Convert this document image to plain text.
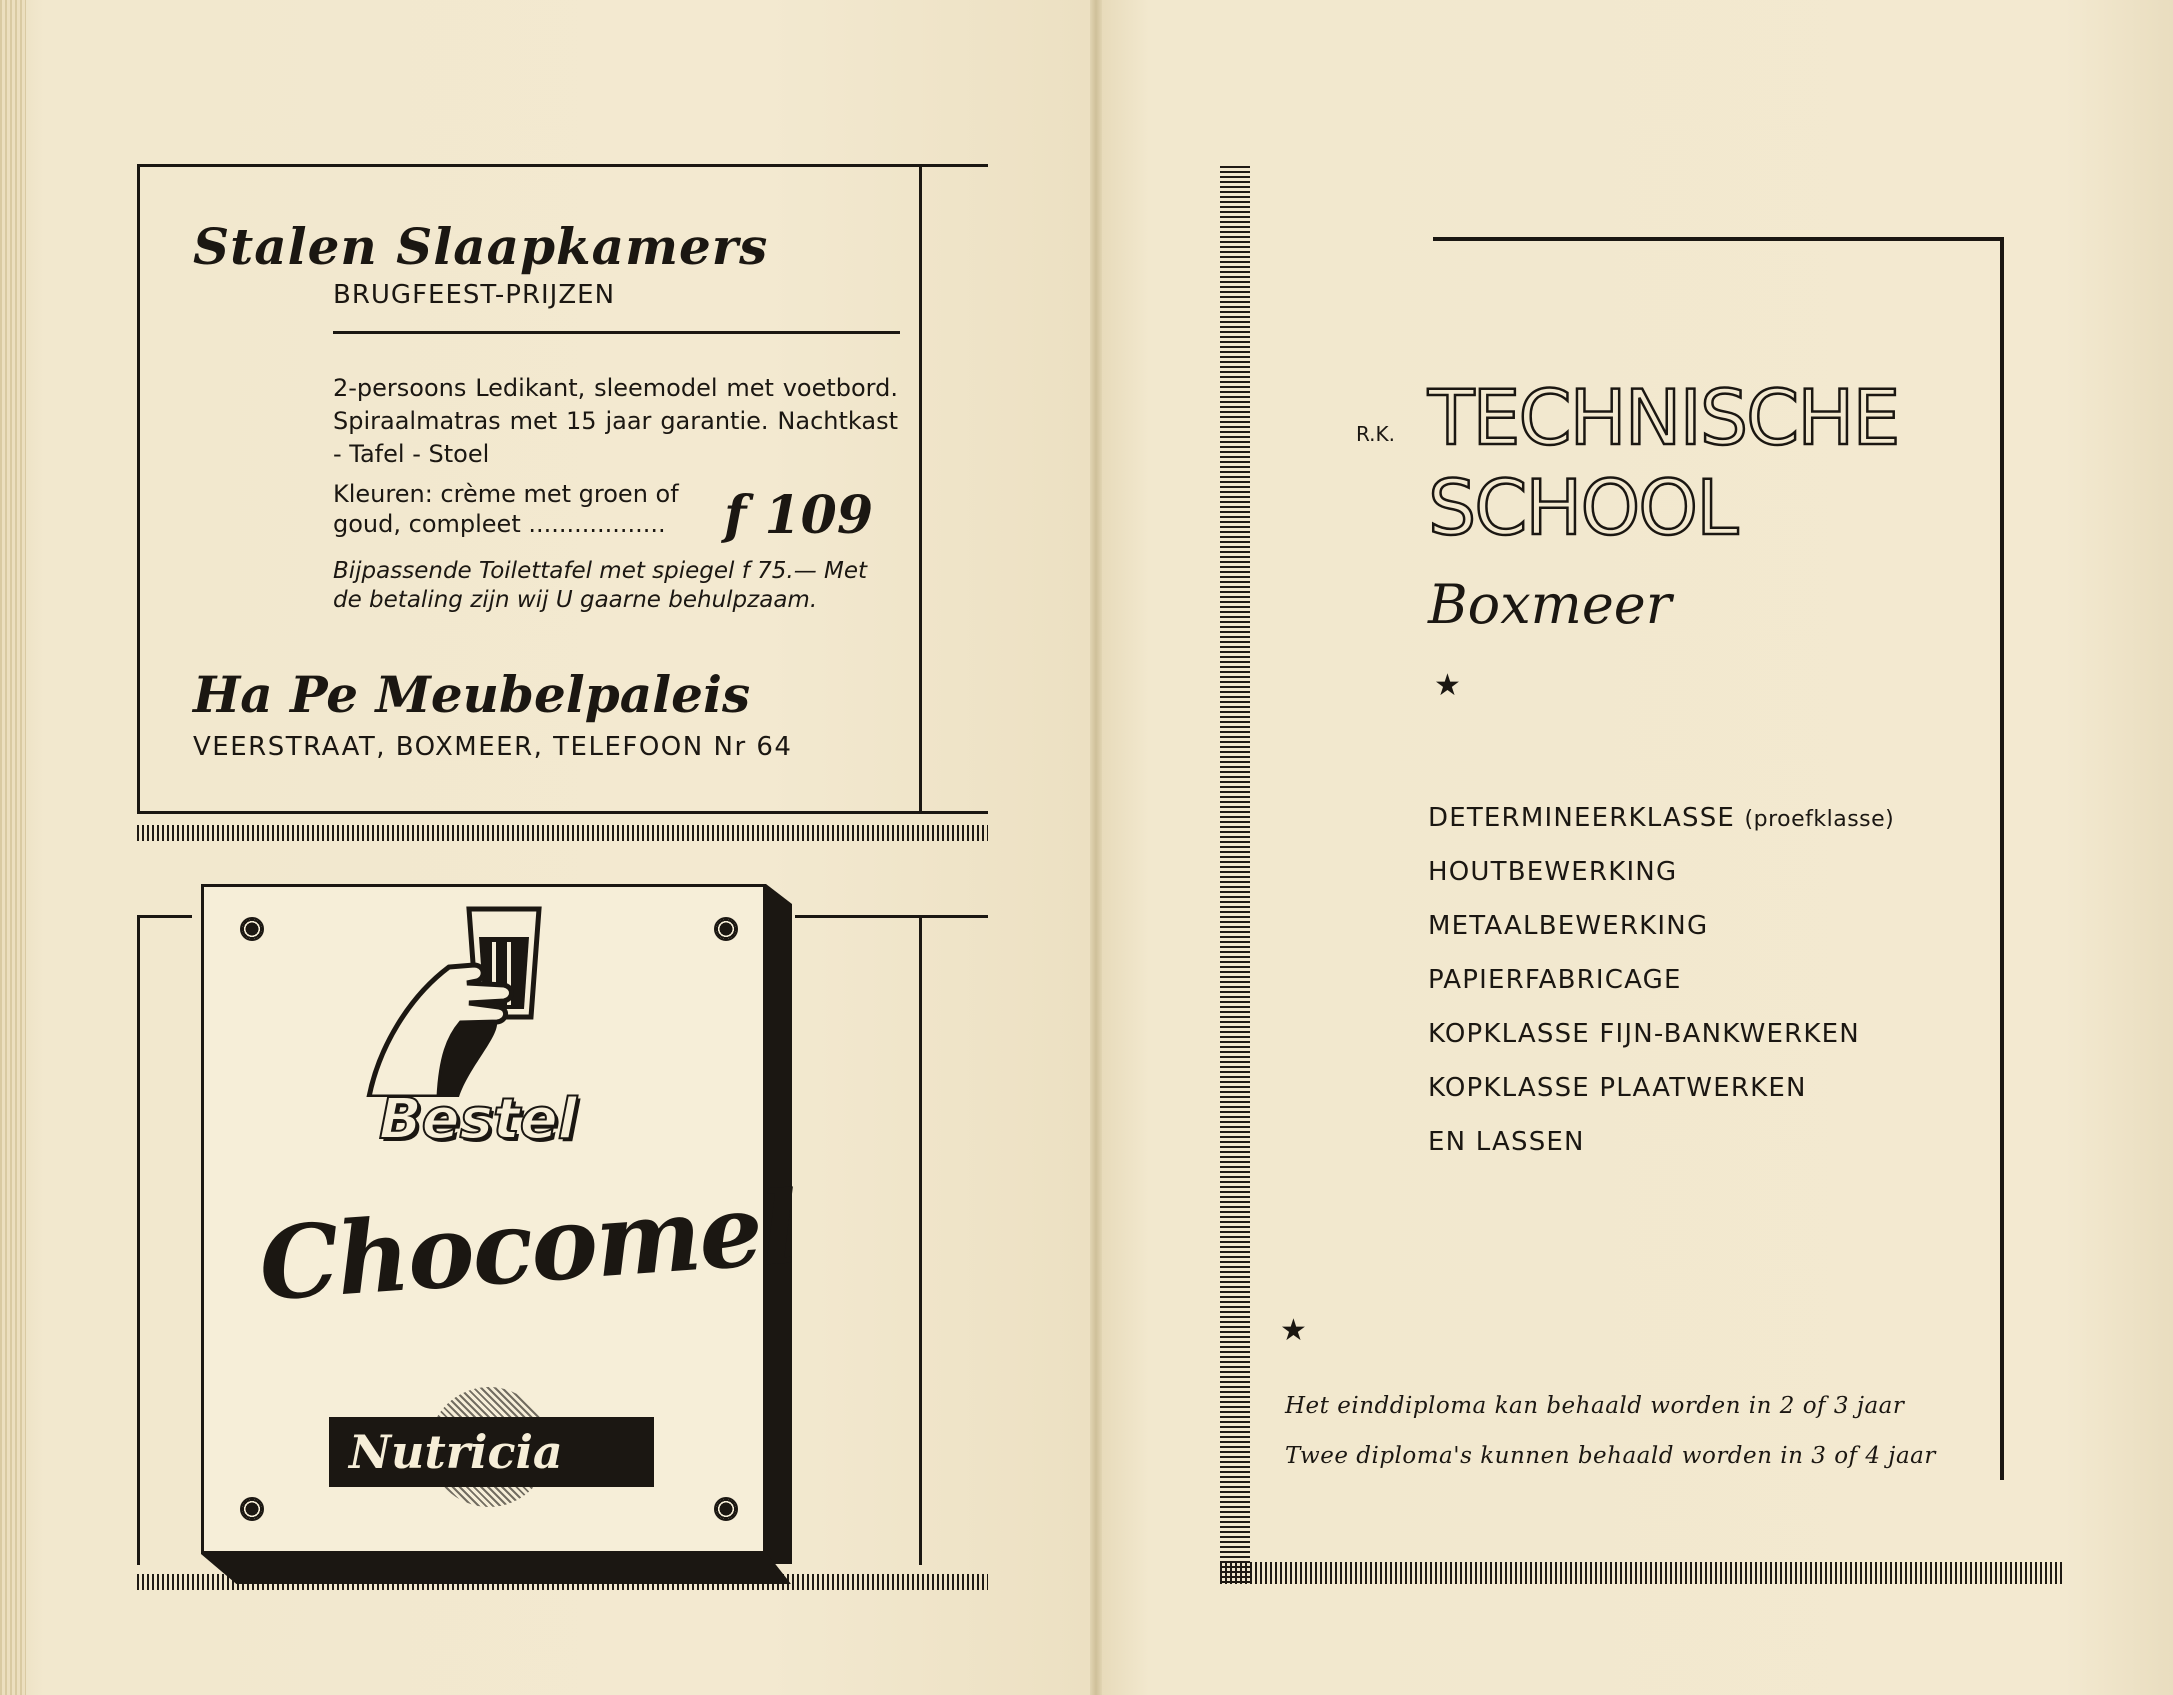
Stalen Slaapkamers
BRUGFEEST-PRIJZEN
2-persoons Ledikant, sleemodel met voetbord. Spiraalmatras met 15 jaar garantie. Nachtkast - Tafel - Stoel
Kleuren: crème met groen of goud, compleet ..................	f 109
Bijpassende Toilettafel met spiegel f 75.— Met de betaling zijn wij U gaarne behulpzaam.
Ha Pe Meubelpaleis
VEERSTRAAT, BOXMEER, TELEFOON Nr 64
Bestel
Chocomel
Nutricia
R.K. TECHNISCHE
SCHOOL
Boxmeer
★
DETERMINEERKLASSE (proefklasse)
HOUTBEWERKING
METAALBEWERKING
PAPIERFABRICAGE
KOPKLASSE FIJN-BANKWERKEN
KOPKLASSE PLAATWERKEN
EN LASSEN
★
Het einddiploma kan behaald worden in 2 of 3 jaar
Twee diploma's kunnen behaald worden in 3 of 4 jaar
